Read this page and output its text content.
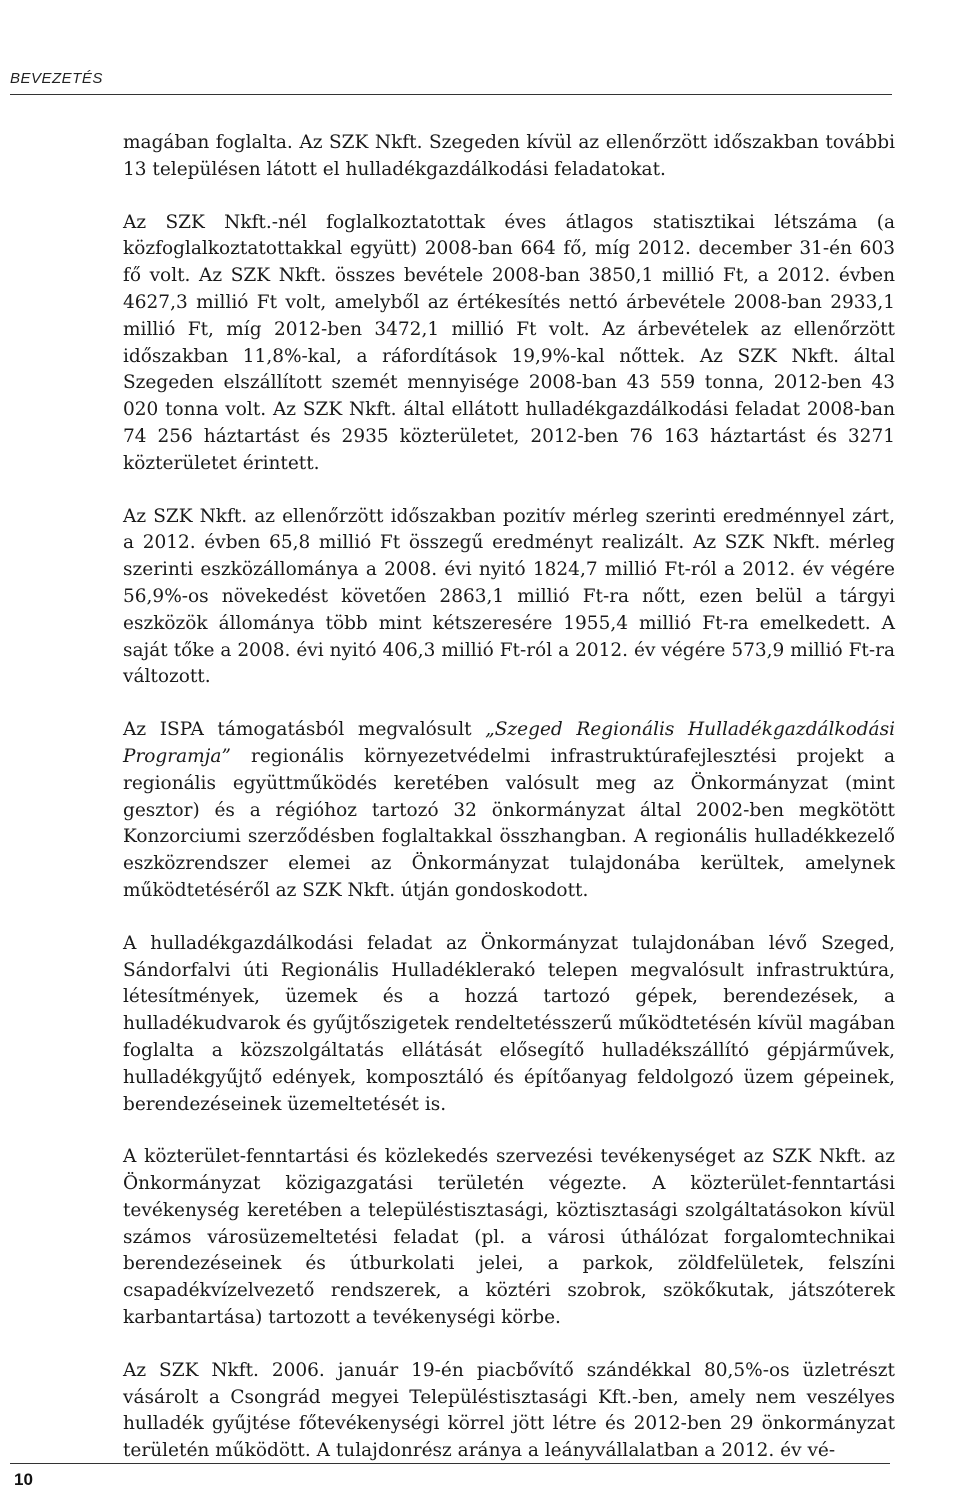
BEVEZETÉS

magában foglalta. Az SZK Nkft. Szegeden kívül az ellenőrzött időszakban további 13 településen látott el hulladékgazdálkodási feladatokat.

Az SZK Nkft.-nél foglalkoztatottak éves átlagos statisztikai létszáma (a közfoglalkoztatottakkal együtt) 2008-ban 664 fő, míg 2012. december 31-én 603 fő volt. Az SZK Nkft. összes bevétele 2008-ban 3850,1 millió Ft, a 2012. évben 4627,3 millió Ft volt, amelyből az értékesítés nettó árbevétele 2008-ban 2933,1 millió Ft, míg 2012-ben 3472,1 millió Ft volt. Az árbevételek az ellenőrzött időszakban 11,8%-kal, a ráfordítások 19,9%-kal nőttek. Az SZK Nkft. által Szegeden elszállított szemét mennyisége 2008-ban 43 559 tonna, 2012-ben 43 020 tonna volt. Az SZK Nkft. által ellátott hulladékgazdálkodási feladat 2008-ban 74 256 háztartást és 2935 közterületet, 2012-ben 76 163 háztartást és 3271 közterületet érintett.

Az SZK Nkft. az ellenőrzött időszakban pozitív mérleg szerinti eredménnyel zárt, a 2012. évben 65,8 millió Ft összegű eredményt realizált. Az SZK Nkft. mérleg szerinti eszközállománya a 2008. évi nyitó 1824,7 millió Ft-ról a 2012. év végére 56,9%-os növekedést követően 2863,1 millió Ft-ra nőtt, ezen belül a tárgyi eszközök állománya több mint kétszeresére 1955,4 millió Ft-ra emelkedett. A saját tőke a 2008. évi nyitó 406,3 millió Ft-ról a 2012. év végére 573,9 millió Ft-ra változott.

Az ISPA támogatásból megvalósult „Szeged Regionális Hulladékgazdálkodási Programja” regionális környezetvédelmi infrastruktúrafejlesztési projekt a regionális együttműködés keretében valósult meg az Önkormányzat (mint gesztor) és a régióhoz tartozó 32 önkormányzat által 2002-ben megkötött Konzorciumi szerződésben foglaltakkal összhangban. A regionális hulladékkezelő eszközrendszer elemei az Önkormányzat tulajdonába kerültek, amelynek működtetéséről az SZK Nkft. útján gondoskodott.

A hulladékgazdálkodási feladat az Önkormányzat tulajdonában lévő Szeged, Sándorfalvi úti Regionális Hulladéklerakó telepen megvalósult infrastruktúra, létesítmények, üzemek és a hozzá tartozó gépek, berendezések, a hulladékudvarok és gyűjtőszigetek rendeltetésszerű működtetésén kívül magában foglalta a közszolgáltatás ellátását elősegítő hulladékszállító gépjárművek, hulladékgyűjtő edények, komposztáló és építőanyag feldolgozó üzem gépeinek, berendezéseinek üzemeltetését is.

A közterület-fenntartási és közlekedés szervezési tevékenységet az SZK Nkft. az Önkormányzat közigazgatási területén végezte. A közterület-fenntartási tevékenység keretében a településtisztasági, köztisztasági szolgáltatásokon kívül számos városüzemeltetési feladat (pl. a városi úthálózat forgalomtechnikai berendezéseinek és útburkolati jelei, a parkok, zöldfelületek, felszíni csapadékvízelvezető rendszerek, a köztéri szobrok, szökőkutak, játszóterek karbantartása) tartozott a tevékenységi körbe.

Az SZK Nkft. 2006. január 19-én piacbővítő szándékkal 80,5%-os üzletrészt vásárolt a Csongrád megyei Településtisztasági Kft.-ben, amely nem veszélyes hulladék gyűjtése főtevékenységi körrel jött létre és 2012-ben 29 önkormányzat területén működött. A tulajdonrész aránya a leányvállalatban a 2012. év vé-

10
